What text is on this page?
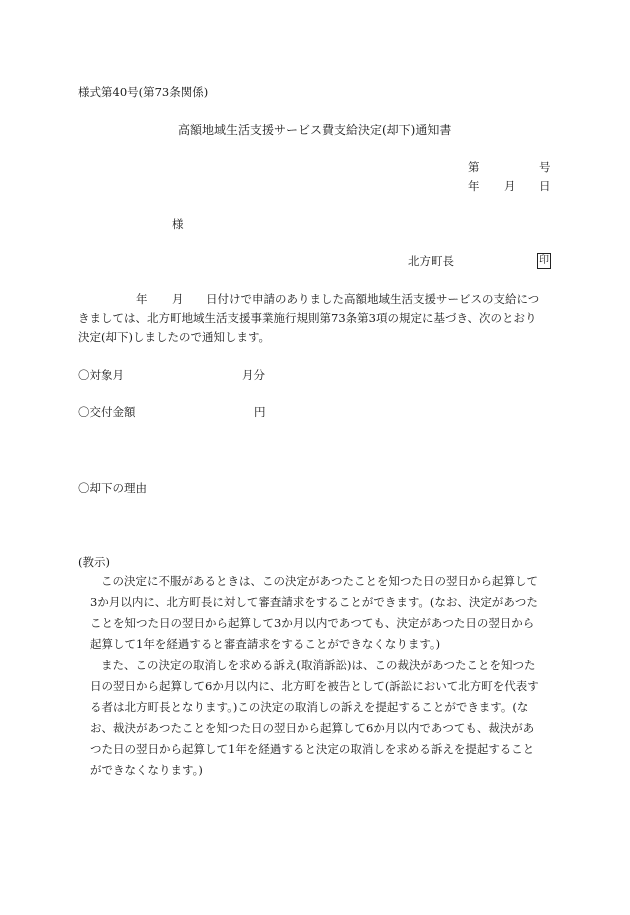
様式第40号(第73条関係)
高額地域生活支援サービス費支給決定(却下)通知書
第	号
年 月 日
様
北方町長	印
年 月 日付けで申請のありました高額地域生活支援サービスの支給につ
きましては、北方町地域生活支援事業施行規則第73条第3項の規定に基づき、次のとおり
決定(却下)しましたので通知します。
〇対象月	月分
〇交付金額	円
〇却下の理由
(教示)
この決定に不服があるときは、この決定があつたことを知つた日の翌日から起算して
3か月以内に、北方町長に対して審査請求をすることができます。(なお、決定があつた
ことを知つた日の翌日から起算して3か月以内であつても、決定があつた日の翌日から
起算して1年を経過すると審査請求をすることができなくなります。)
また、この決定の取消しを求める訴え(取消訴訟)は、この裁決があつたことを知つた
日の翌日から起算して6か月以内に、北方町を被告として(訴訟において北方町を代表す
る者は北方町長となります。)この決定の取消しの訴えを提起することができます。(な
お、裁決があつたことを知つた日の翌日から起算して6か月以内であつても、裁決があ
つた日の翌日から起算して1年を経過すると決定の取消しを求める訴えを提起すること
ができなくなります。)
